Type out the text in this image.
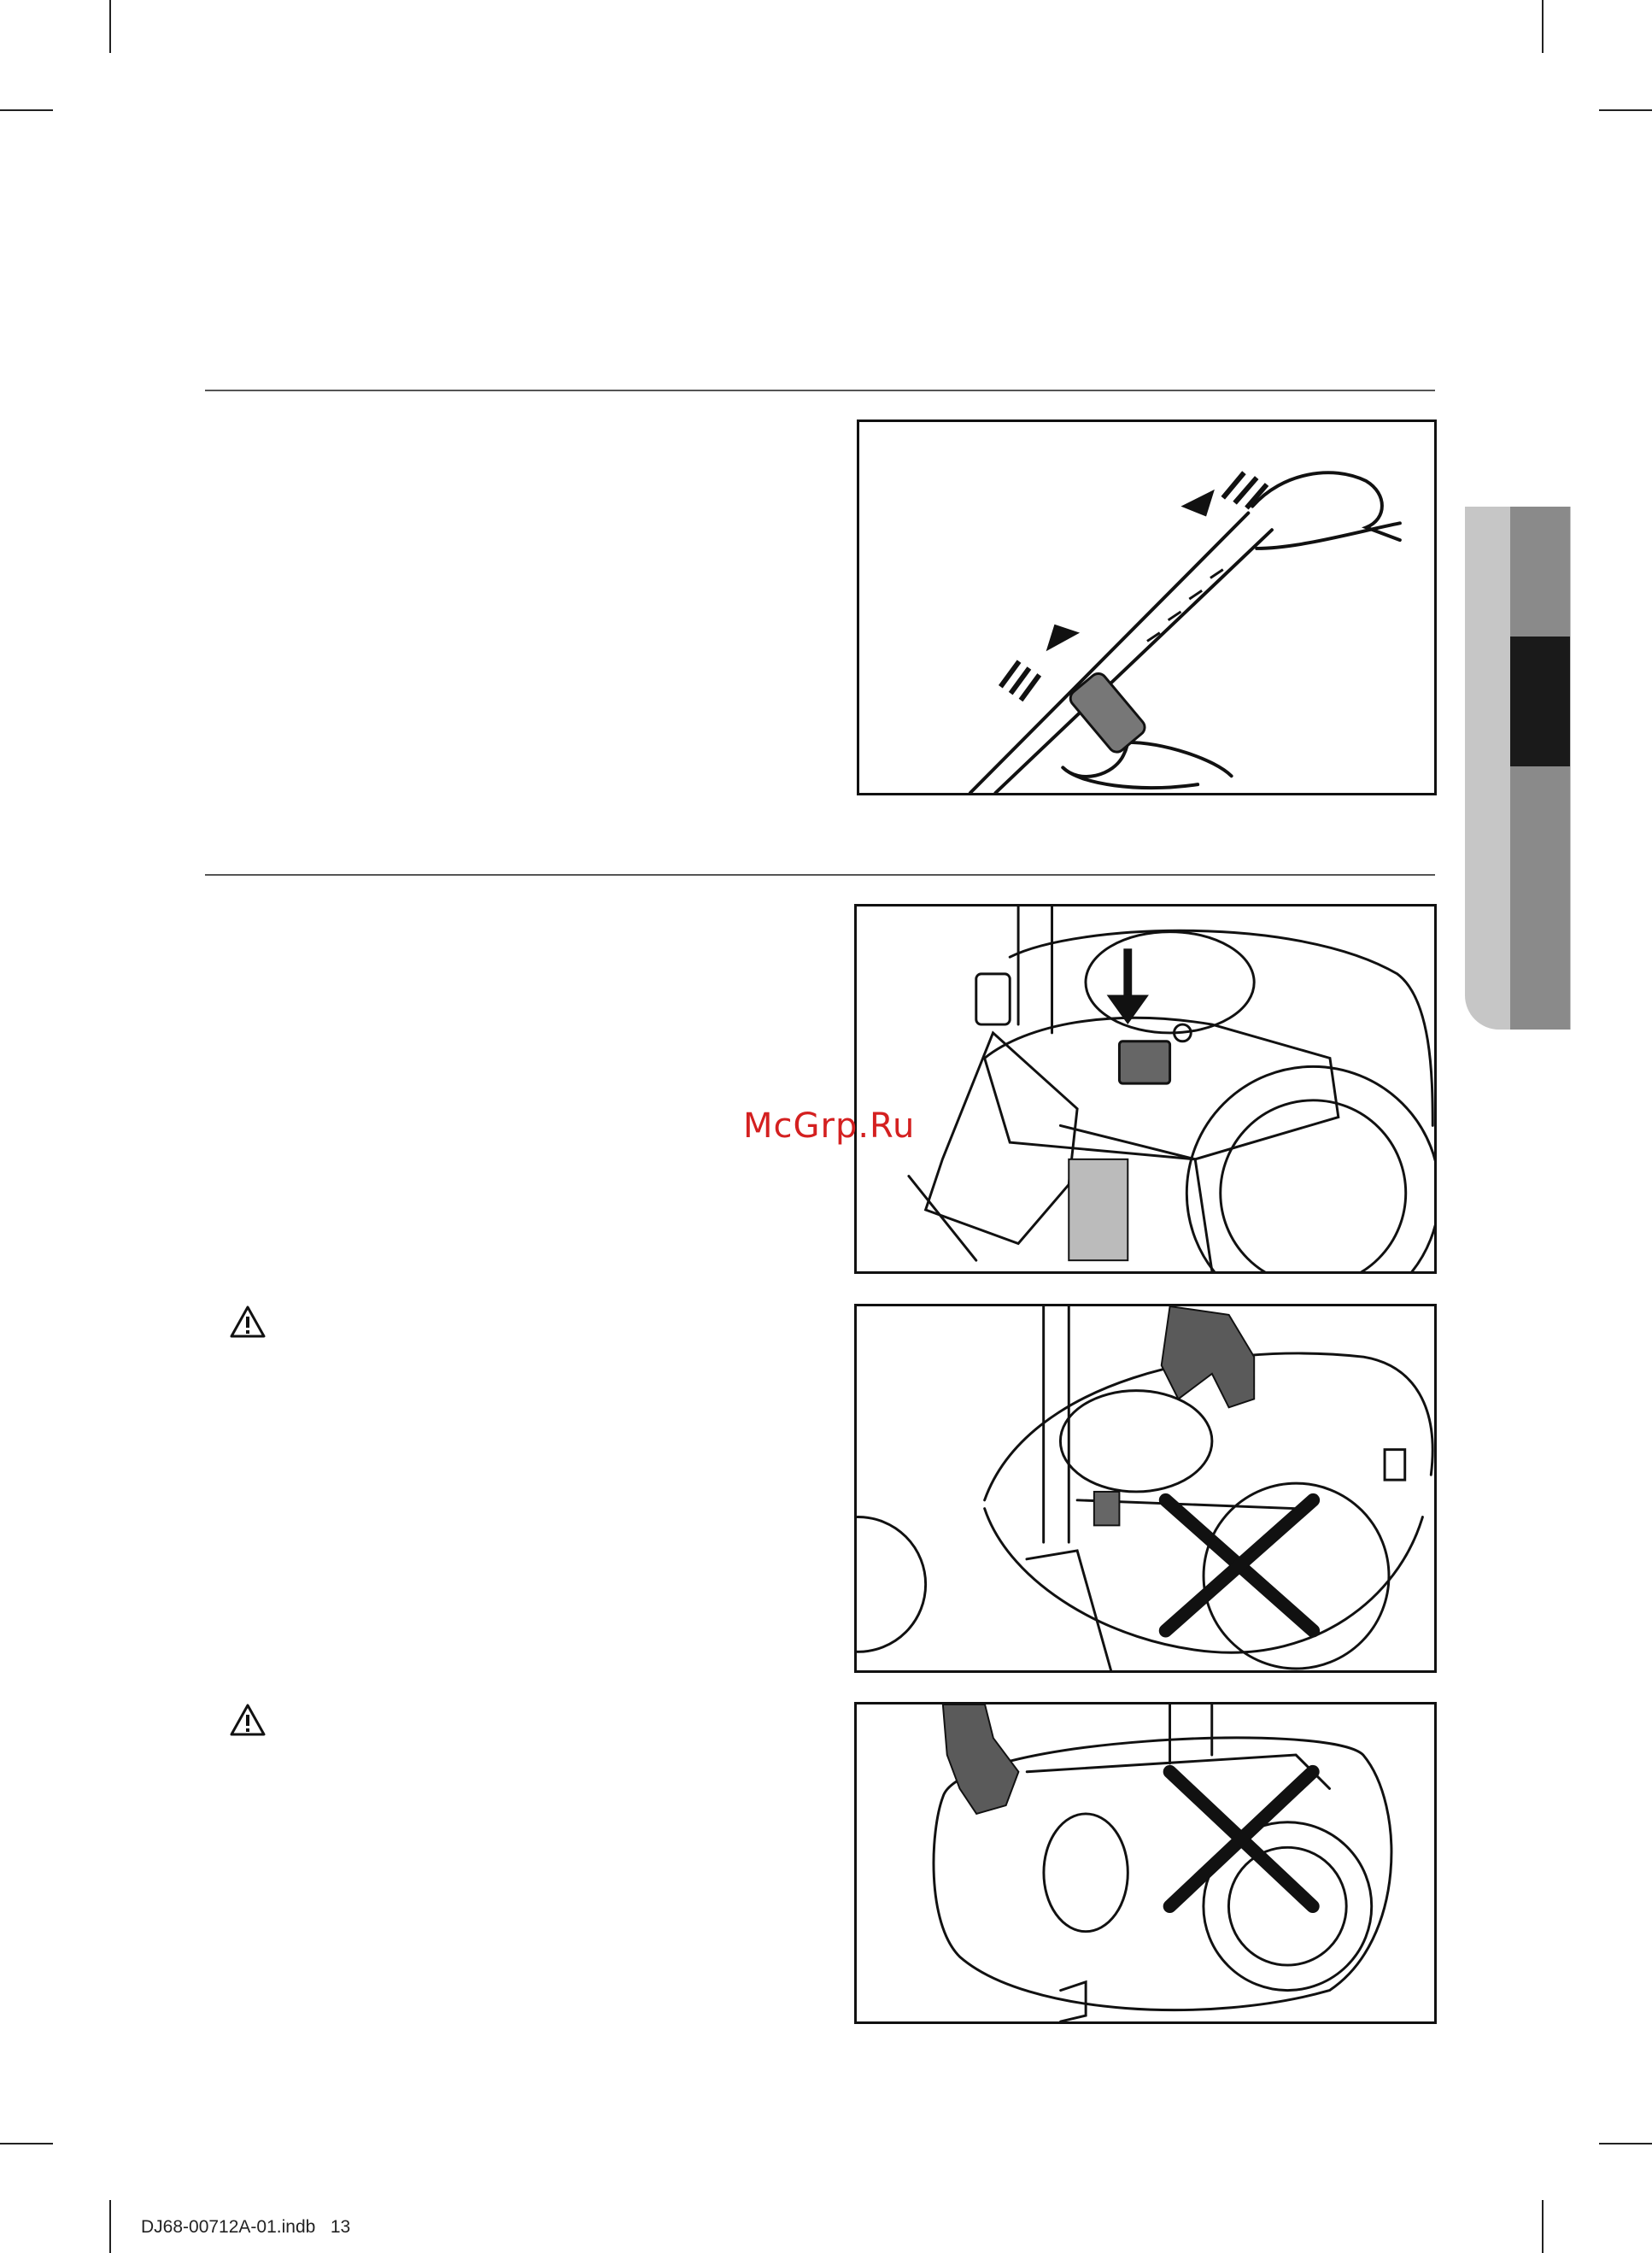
McGrp.Ru
DJ68-00712A-01.indb 13
